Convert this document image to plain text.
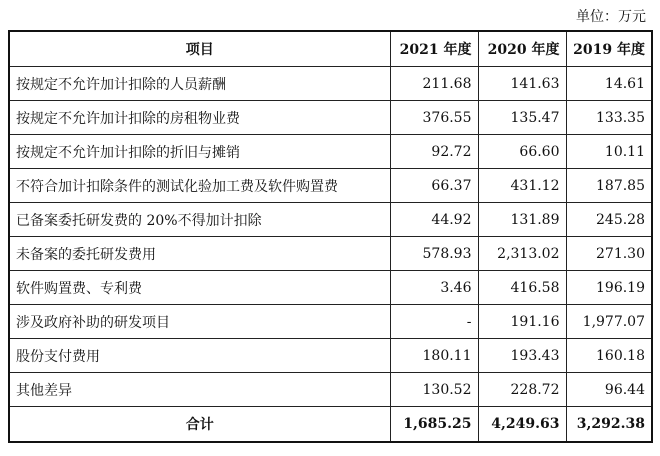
单位：万元
项目	2021 年度	2020 年度	2019 年度
按规定不允许加计扣除的人员薪酬	211.68	141.63	14.61
按规定不允许加计扣除的房租物业费	376.55	135.47	133.35
按规定不允许加计扣除的折旧与摊销	92.72	66.60	10.11
不符合加计扣除条件的测试化验加工费及软件购置费	66.37	431.12	187.85
已备案委托研发费的 20%不得加计扣除	44.92	131.89	245.28
未备案的委托研发费用	578.93	2,313.02	271.30
软件购置费、专利费	3.46	416.58	196.19
涉及政府补助的研发项目	-	191.16	1,977.07
股份支付费用	180.11	193.43	160.18
其他差异	130.52	228.72	96.44
合计	1,685.25	4,249.63	3,292.38
